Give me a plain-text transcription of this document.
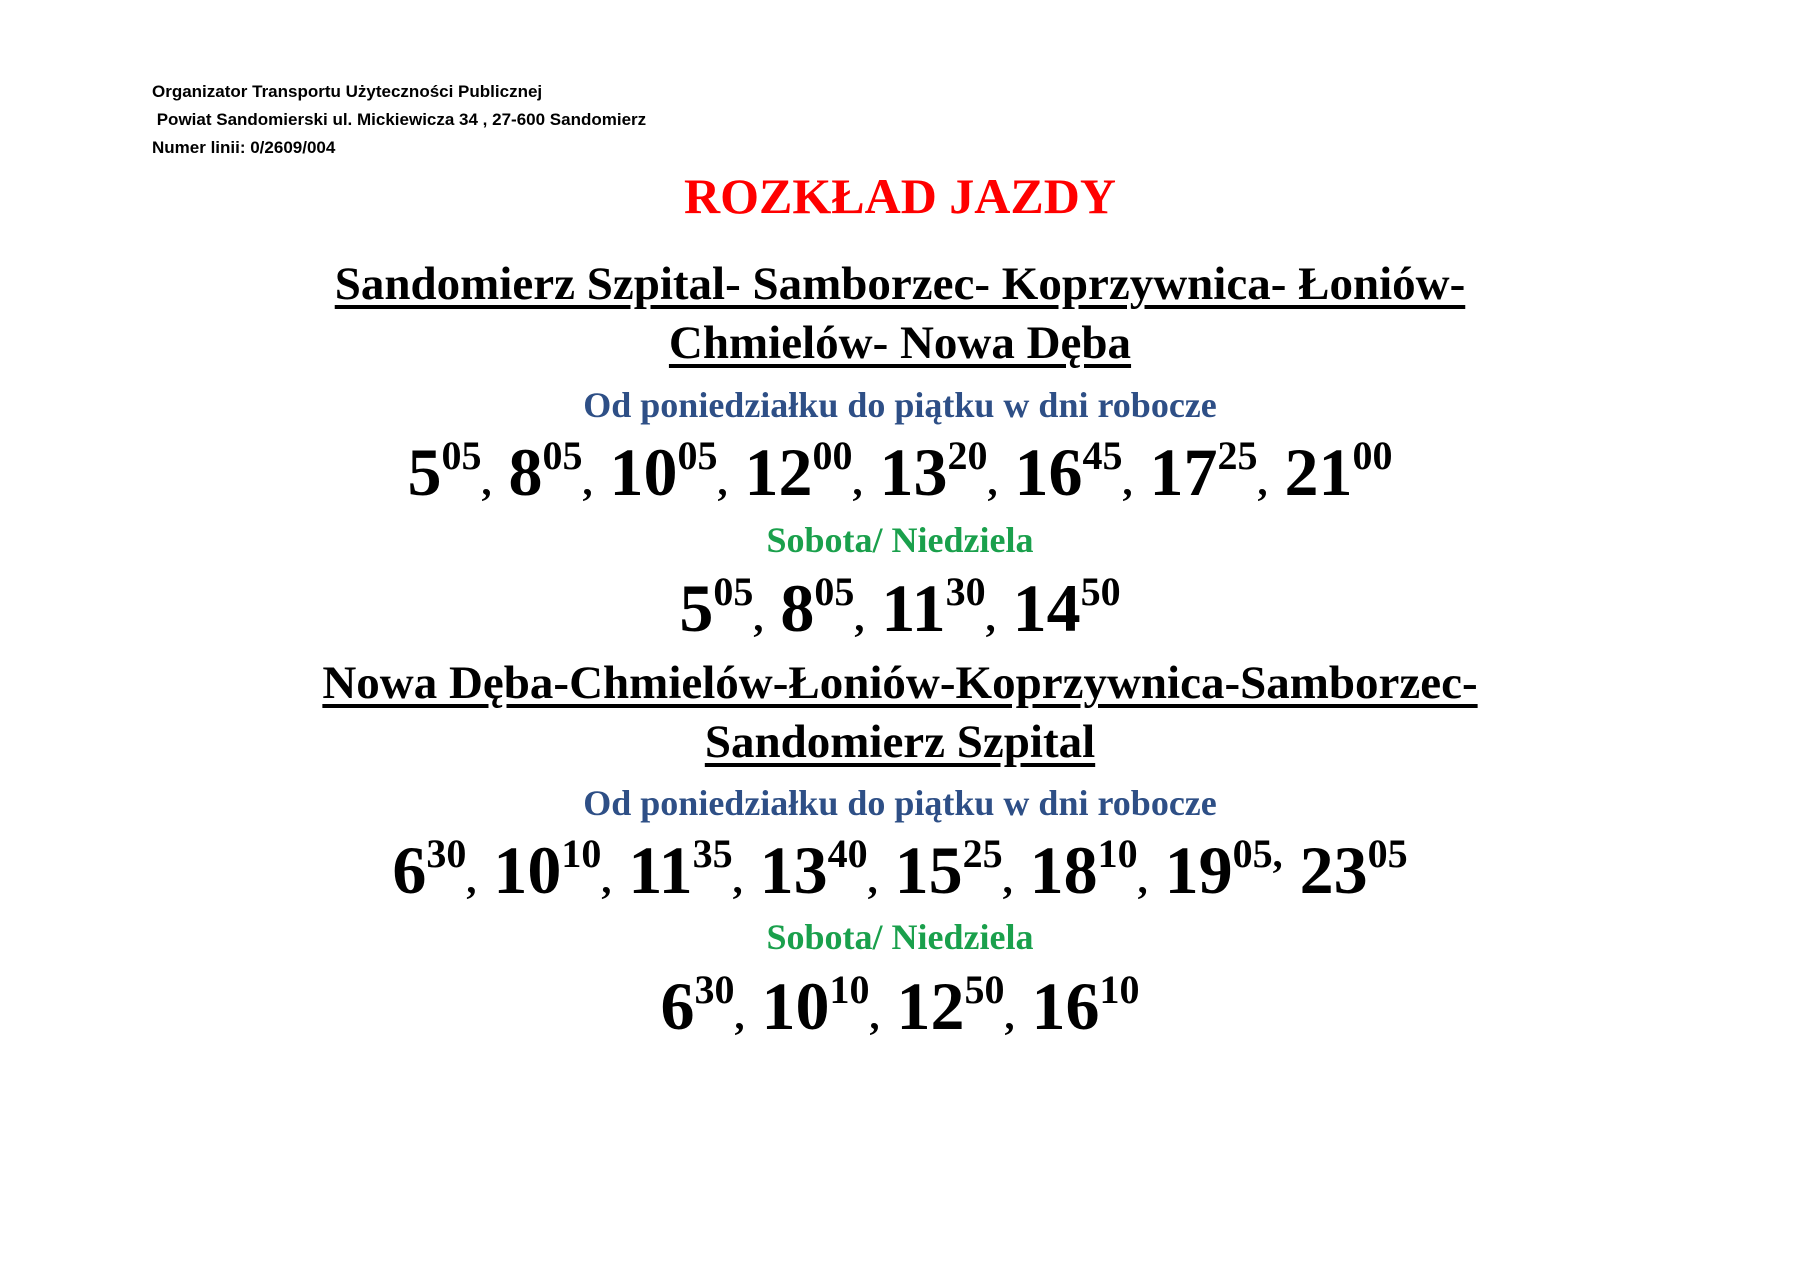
Organizator Transportu Użyteczności Publicznej
Powiat Sandomierski ul. Mickiewicza 34 , 27-600 Sandomierz
Numer linii: 0/2609/004
ROZKŁAD JAZDY
Sandomierz Szpital- Samborzec- Koprzywnica- Łoniów-
Chmielów- Nowa Dęba
Od poniedziałku do piątku w dni robocze
$5^{05}$, $8^{05}$, $10^{05}$, $12^{00}$, $13^{20}$, $16^{45}$, $17^{25}$, $21^{00}$
Sobota/ Niedziela
$5^{05}$, $8^{05}$, $11^{30}$, $14^{50}$
Nowa Dęba-Chmielów-Łoniów-Koprzywnica-Samborzec-
Sandomierz Szpital
Od poniedziałku do piątku w dni robocze
$6^{30}$, $10^{10}$, $11^{35}$, $13^{40}$, $15^{25}$, $18^{10}$, $19^{05,}$ $23^{05}$
Sobota/ Niedziela
$6^{30}$, $10^{10}$, $12^{50}$, $16^{10}$
